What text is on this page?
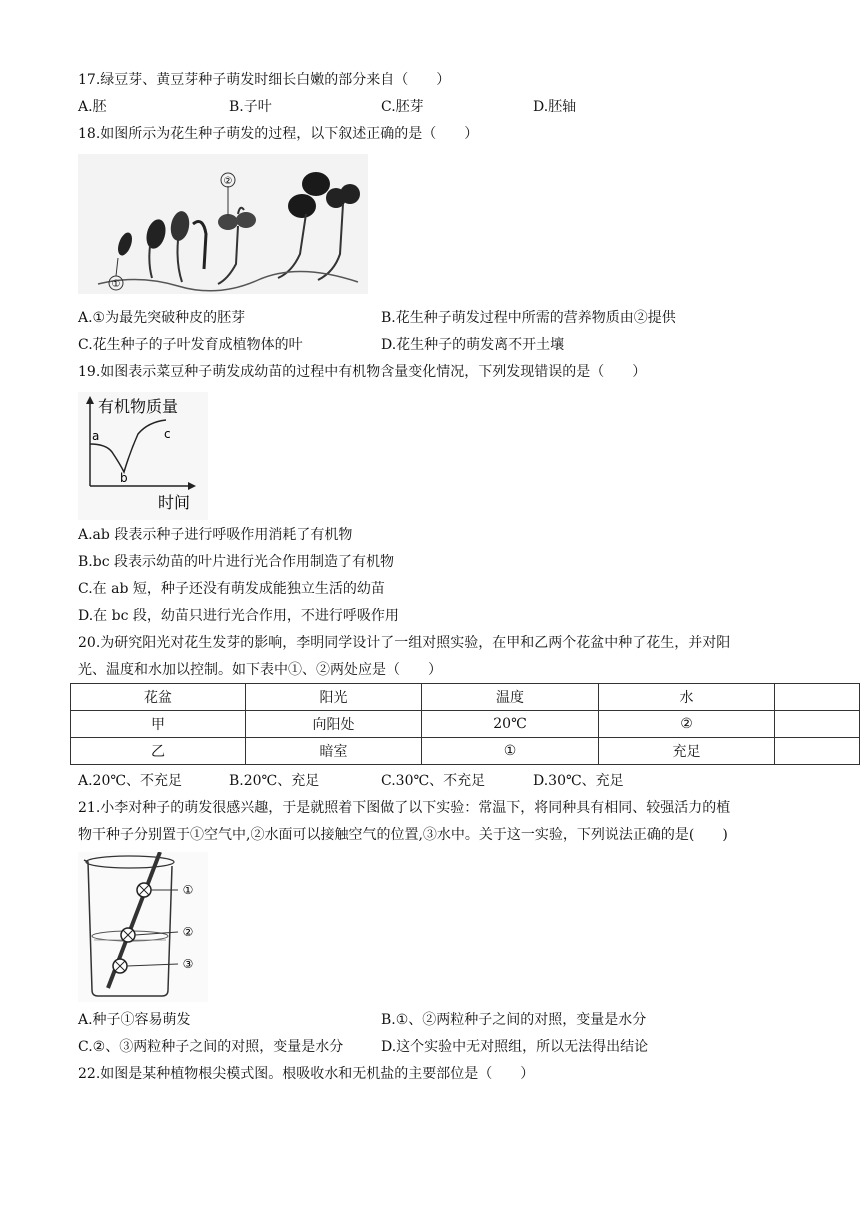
17.绿豆芽、黄豆芽种子萌发时细长白嫩的部分来自（　　）
A.胚	B.子叶	C.胚芽	D.胚轴
18.如图所示为花生种子萌发的过程，以下叙述正确的是（　　）
②
①
A.①为最先突破种皮的胚芽	B.花生种子萌发过程中所需的营养物质由②提供
C.花生种子的子叶发育成植物体的叶	D.花生种子的萌发离不开土壤
19.如图表示菜豆种子萌发成幼苗的过程中有机物含量变化情况，下列发现错误的是（　　）
有机物质量
a
b
c
时间
A.ab 段表示种子进行呼吸作用消耗了有机物
B.bc 段表示幼苗的叶片进行光合作用制造了有机物
C.在 ab 短，种子还没有萌发成能独立生活的幼苗
D.在 bc 段，幼苗只进行光合作用，不进行呼吸作用
20.为研究阳光对花生发芽的影响，李明同学设计了一组对照实验，在甲和乙两个花盆中种了花生，并对阳
光、温度和水加以控制。如下表中①、②两处应是（　　）
花盆	阳光	温度	水	
甲	向阳处	20℃	②	
乙	暗室	①	充足	
A.20℃、不充足	B.20℃、充足	C.30℃、不充足	D.30℃、充足
21.小李对种子的萌发很感兴趣，于是就照着下图做了以下实验：常温下，将同种具有相同、较强活力的植
物干种子分别置于①空气中,②水面可以接触空气的位置,③水中。关于这一实验，下列说法正确的是(　　)
①
②
③
A.种子①容易萌发	B.①、②两粒种子之间的对照，变量是水分
C.②、③两粒种子之间的对照，变量是水分	D.这个实验中无对照组，所以无法得出结论
22.如图是某种植物根尖模式图。根吸收水和无机盐的主要部位是（　　）
